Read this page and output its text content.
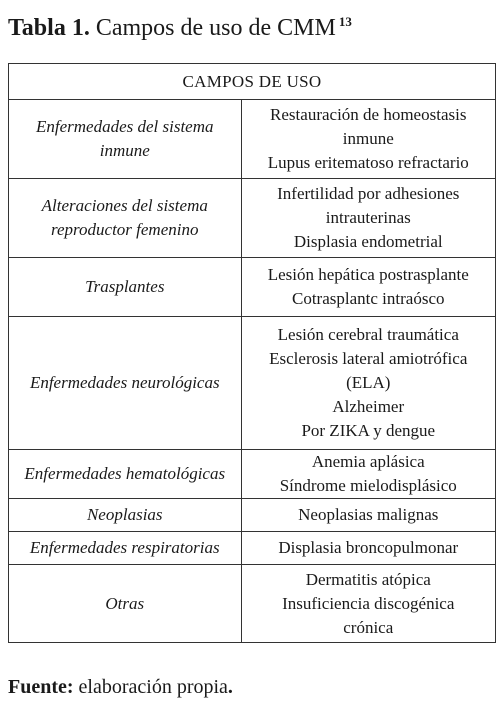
Tabla 1. Campos de uso de CMM $^{13}$
CAMPOS DE USO	

Enfermedades del sistema
inmune	Restauración de homeostasis
inmune
Lupus eritematoso refractario

Alteraciones del sistema
reproductor femenino	Infertilidad por adhesiones
intrauterinas
Displasia endometrial

Trasplantes	Lesión hepática postrasplante
Cotrasplantc intraósco

Enfermedades neurológicas	Lesión cerebral traumática
Esclerosis lateral amiotrófica
(ELA)
Alzheimer
Por ZIKA y dengue

Enfermedades hematológicas	Anemia aplásica
Síndrome mielodisplásico

Neoplasias	Neoplasias malignas

Enfermedades respiratorias	Displasia broncopulmonar

Otras	Dermatitis atópica
Insuficiencia discogénica
crónica
Fuente: elaboración propia.
